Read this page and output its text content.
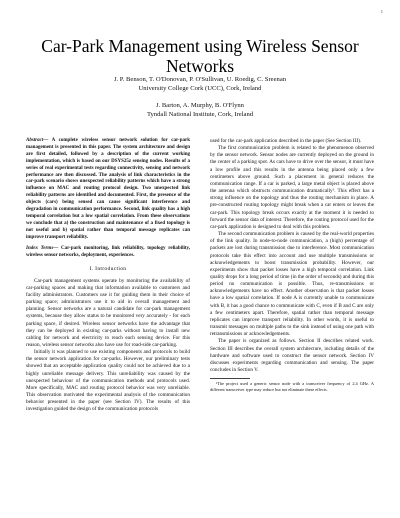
1
Car-Park Management using Wireless Sensor Networks
J. P. Benson, T. O'Donovan, P. O'Sullivan, U. Roedig, C. Sreenan
University College Cork (UCC), Cork, Ireland
J. Barton, A. Murphy, B. O'Flynn
Tyndall National Institute, Cork, Ireland
Abstract— A complete wireless sensor network solution for car-park management is presented in this paper. The system architecture and design are first detailed, followed by a description of the current working implementation, which is based on our DSYS25z sensing nodes. Results of a series of real experimental tests regarding connectivity, sensing and network performance are then discussed. The analysis of link characteristics in the car-park scenario shows unexpected reliability patterns which have a strong influence on MAC and routing protocol design. Two unexpected link reliability patterns are identified and documented. First, the presence of the objects (cars) being sensed can cause significant interference and degradation in communication performance. Second, link quality has a high temporal correlation but a low spatial correlation. From these observations we conclude that a) the construction and maintenance of a fixed topology is not useful and b) spatial rather than temporal message replicates can improve transport reliability.
Index Terms— Car-park monitoring, link reliability, topology reliability, wireless sensor networks, deployment, experiences.
I. Introduction

Car-park management systems operate by monitoring the availability of car-parking spaces and making that information available to customers and facility administrators. Customers use it for guiding them in their choice of parking space; administrators use it to aid in overall management and planning. Sensor networks are a natural candidate for car-park management systems, because they allow status to be monitored very accurately - for each parking space, if desired. Wireless sensor networks have the advantage that they can be deployed in existing car-parks without having to install new cabling for network and electricity to reach each sensing device. For this reason, wireless sensor networks also have use for road-side car-parking.

Initially it was planned to use existing components and protocols to build the sensor network application for car-parks. However, our preliminary tests showed that an acceptable application quality could not be achieved due to a highly unreliable message delivery. This unreliability was caused by the unexpected behaviour of the communication methods and protocols used. More specifically, MAC and routing protocol behavior was very unreliable. This observation motivated the experimental analysis of the communication behavior presented in the paper (see Section IV). The results of this investigation guided the design of the communication protocols

used for the car-park application described in the paper (See Section III).

The first communication problem is related to the phenomenon observed by the sensor network. Sensor nodes are currently deployed on the ground in the center of a parking spot. As cars have to drive over the sensor, it must have a low profile and this results in the antenna being placed only a few centimeters above ground. Such a placement in general reduces the communication range. If a car is parked, a large metal object is placed above the antenna which obstructs communication dramatically¹. This effect has a strong influence on the topology and thus the routing mechanism in place. A pre-constructed routing topology might break when a car enters or leaves the car-park. This topology break occurs exactly at the moment it is needed to forward the sensor data of interest. Therefore, the routing protocol used for the car-park application is designed to deal with this problem.

The second communication problem is caused by the real-world properties of the link quality. In node-to-node communication, a (high) percentage of packets are lost during transmission due to interference. Most communication protocols take this effect into account and use multiple transmissions or acknowledgements to boost transmission probability. However, our experiments show that packet losses have a high temporal correlation. Link quality drops for a long period of time (in the order of seconds) and during this period no communication is possible. Thus, re-transmissions or acknowledgements have no effect. Another observation is that packet losses have a low spatial correlation. If node A is currently unable to communicate with B, it has a good chance to communicate with C, even if B and C are only a few centimeters apart. Therefore, spatial rather than temporal message replicates can improve transport reliability. In other words, it is useful to transmit messages on multiple paths to the sink instead of using one path with retransmissions or acknowledgements.

The paper is organized as follows. Section II describes related work. Section III describes the overall system architecture, including details of the hardware and software used to construct the sensor network. Section IV discusses experiments regarding communication and sensing. The paper concludes in Section V.

¹The project used a generic sensor node with a transceiver frequency of 2.4 GHz. A different transceiver type may reduce but not eliminate these effects.
